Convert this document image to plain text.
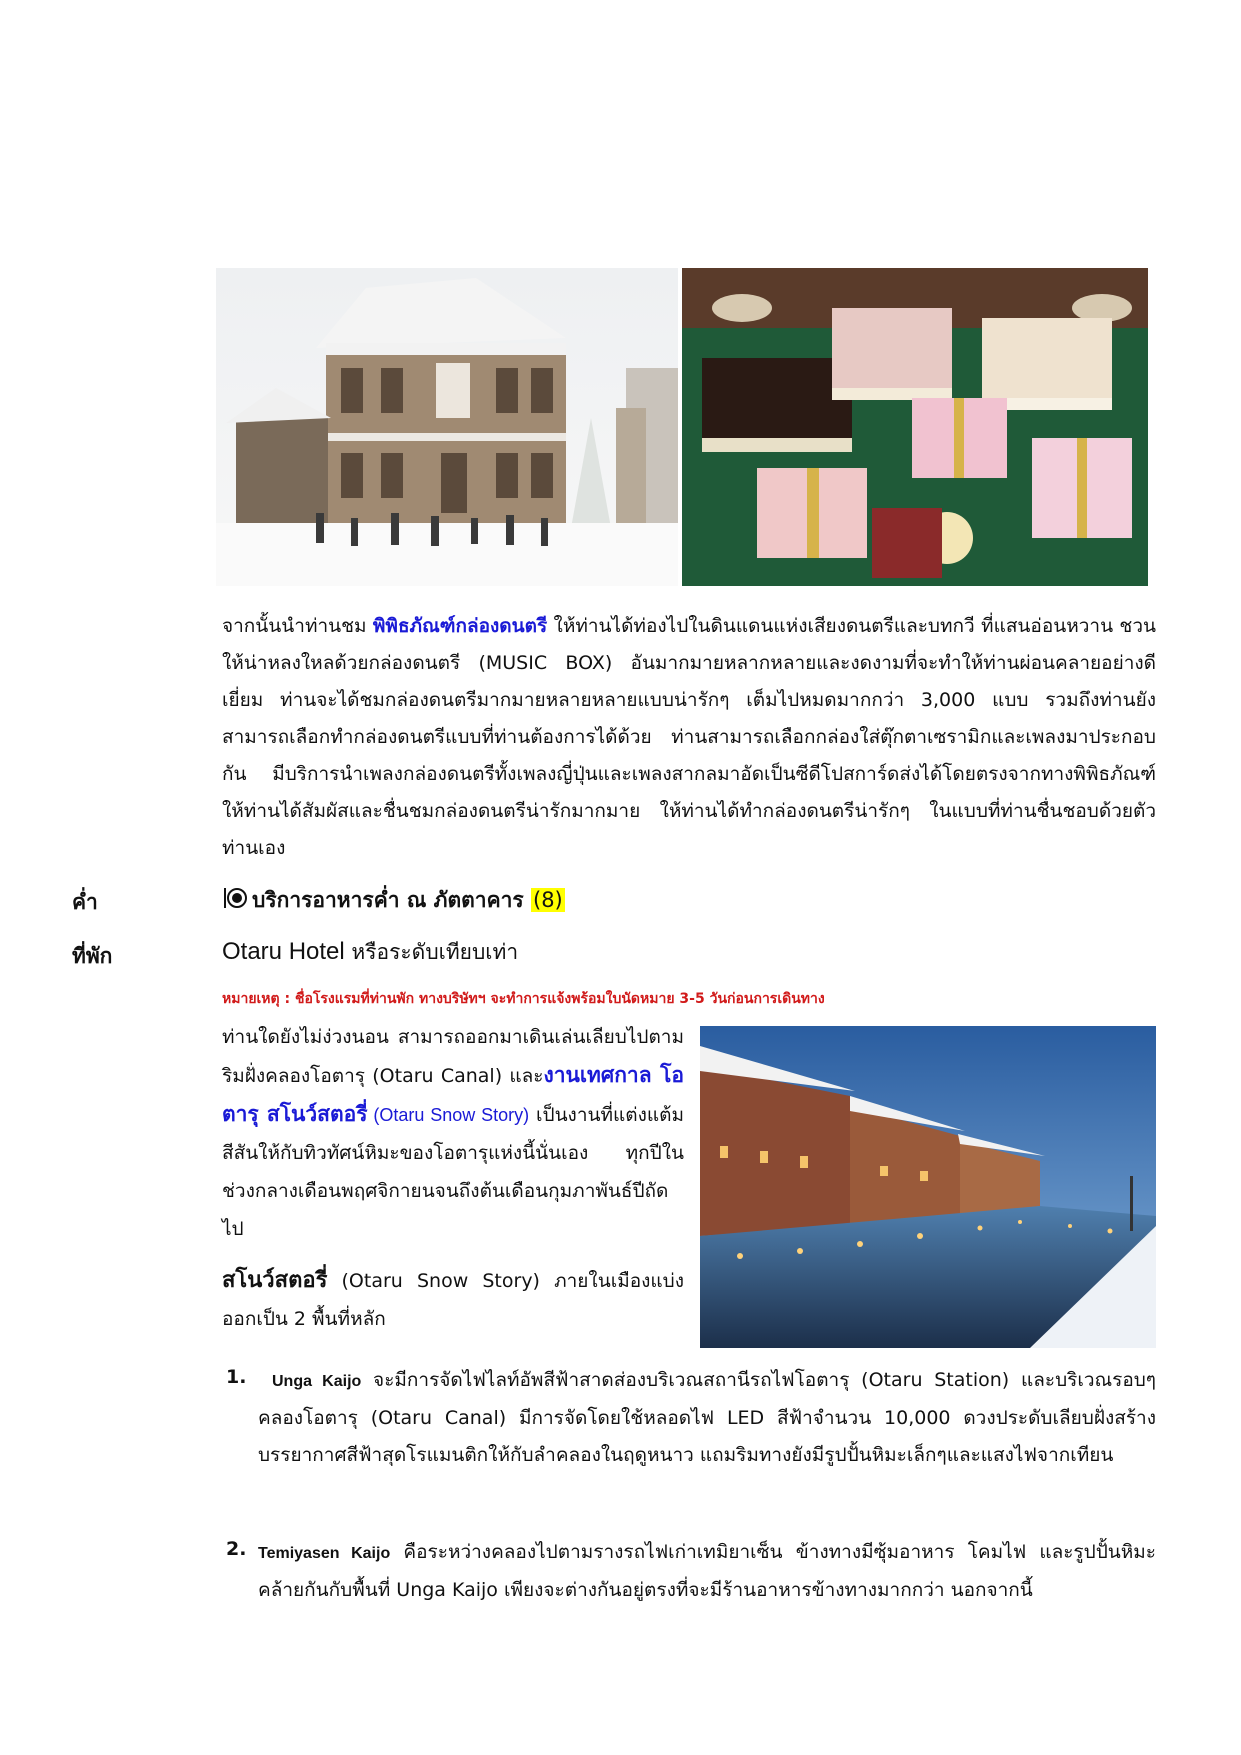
จากนั้นนำท่านชม พิพิธภัณฑ์กล่องดนตรี ให้ท่านได้ท่องไปในดินแดนแห่งเสียงดนตรีและบทกวี ที่แสนอ่อนหวาน ชวนให้น่าหลงใหลด้วยกล่องดนตรี (MUSIC BOX) อันมากมายหลากหลายและงดงามที่จะทำให้ท่านผ่อนคลายอย่างดีเยี่ยม ท่านจะได้ชมกล่องดนตรีมากมายหลายหลายแบบน่ารักๆ เต็มไปหมดมากกว่า 3,000 แบบ รวมถึงท่านยังสามารถเลือกทำกล่องดนตรีแบบที่ท่านต้องการได้ด้วย ท่านสามารถเลือกกล่องใส่ตุ๊กตาเซรามิกและเพลงมาประกอบกัน มีบริการนำเพลงกล่องดนตรีทั้งเพลงญี่ปุ่นและเพลงสากลมาอัดเป็นซีดีโปสการ์ดส่งได้โดยตรงจากทางพิพิธภัณฑ์ ให้ท่านได้สัมผัสและชื่นชมกล่องดนตรีน่ารักมากมาย ให้ท่านได้ทำกล่องดนตรีน่ารักๆ ในแบบที่ท่านชื่นชอบด้วยตัวท่านเอง
ค่ำ	บริการอาหารค่ำ ณ ภัตตาคาร (8)
ที่พัก	Otaru Hotel หรือระดับเทียบเท่า
หมายเหตุ : ชื่อโรงแรมที่ท่านพัก ทางบริษัทฯ จะทำการแจ้งพร้อมใบนัดหมาย 3-5 วันก่อนการเดินทาง
ท่านใดยังไม่ง่วงนอน สามารถออกมาเดินเล่นเลียบไปตามริมฝั่งคลองโอตารุ (Otaru Canal) และงานเทศกาล โอตารุ สโนว์สตอรี่ (Otaru Snow Story) เป็นงานที่แต่งแต้มสีสันให้กับทิวทัศน์หิมะของโอตารุแห่งนี้นั่นเอง ทุกปีในช่วงกลางเดือนพฤศจิกายนจนถึงต้นเดือนกุมภาพันธ์ปีถัดไป
สโนว์สตอรี่ (Otaru Snow Story) ภายในเมืองแบ่งออกเป็น 2 พื้นที่หลัก
1.	Unga Kaijo จะมีการจัดไฟไลท์อัพสีฟ้าสาดส่องบริเวณสถานีรถไฟโอตารุ (Otaru Station) และบริเวณรอบๆ คลองโอตารุ (Otaru Canal) มีการจัดโดยใช้หลอดไฟ LED สีฟ้าจำนวน 10,000 ดวงประดับเลียบฝั่งสร้างบรรยากาศสีฟ้าสุดโรแมนติกให้กับลำคลองในฤดูหนาว แถมริมทางยังมีรูปปั้นหิมะเล็กๆและแสงไฟจากเทียน
2. Temiyasen Kaijo คือระหว่างคลองไปตามรางรถไฟเก่าเทมิยาเซ็น ข้างทางมีซุ้มอาหาร โคมไฟ และรูปปั้นหิมะ คล้ายกันกับพื้นที่ Unga Kaijo เพียงจะต่างกันอยู่ตรงที่จะมีร้านอาหารข้างทางมากกว่า นอกจากนี้
